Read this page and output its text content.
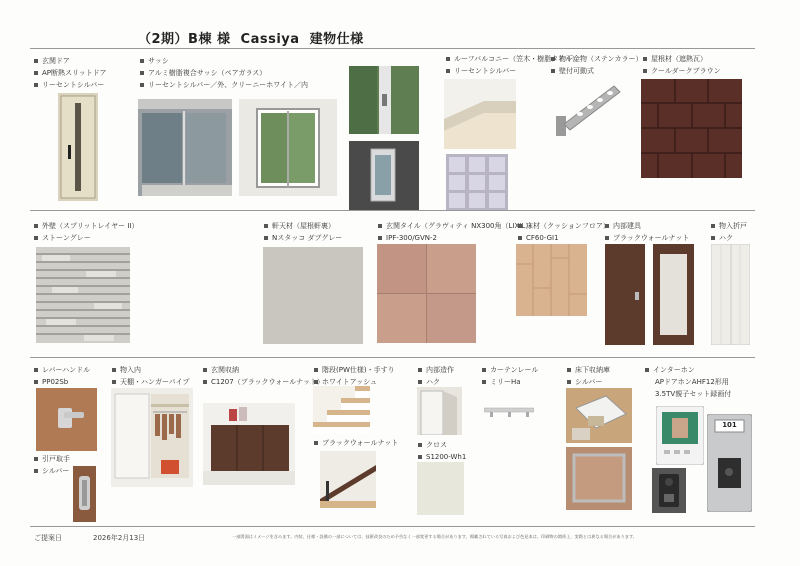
（2期）B棟 様  Cassiya  建物仕様
玄関ドア
AP断熱スリットドア
リーセントシルバー
サッシ
アルミ樹脂複合サッシ（ペアガラス）
リーセントシルバー／外、クリーニーホワイト／内
ルーフバルコニー（笠木・樹脂タイル）
リーセントシルバー
物干金物（ステンカラー）
壁付可動式
屋根材（遮熱瓦）
クールダークブラウン
外壁（スプリットレイヤー II）
ストーングレー
軒天材（屋根軒裏）
Nスタッコ ダブグレー
玄関タイル（グラヴィティ NX300角（LIXIL））
IPF-300/GVN-2
床材（クッションフロア）
CF60-GI1
内部建具
ブラックウォールナット
物入折戸
ハク
レバーハンドル
PP02Sb
引戸取手
シルバー
物入内
天棚・ハンガーパイプ
玄関収納
C1207（ブラックウォールナット）
階段(PW仕様)・手すり
ホワイトアッシュ
ブラックウォールナット
内部造作
ハク
クロス
S1200-Wh1
カーテンレール
ミリーHa
床下収納庫
シルバー
インターホン
APドアホンAHF12形用
3.5TV親子セット録画付
101
ご提案日	2026年2月13日	一部図面はイメージを含みます。内装、仕様・設備の一部については、技術改良のため予告なく一部変更する場合があります。掲載されている写真および色見本は、印刷物の関係上、実際とは異なる場合があります。
